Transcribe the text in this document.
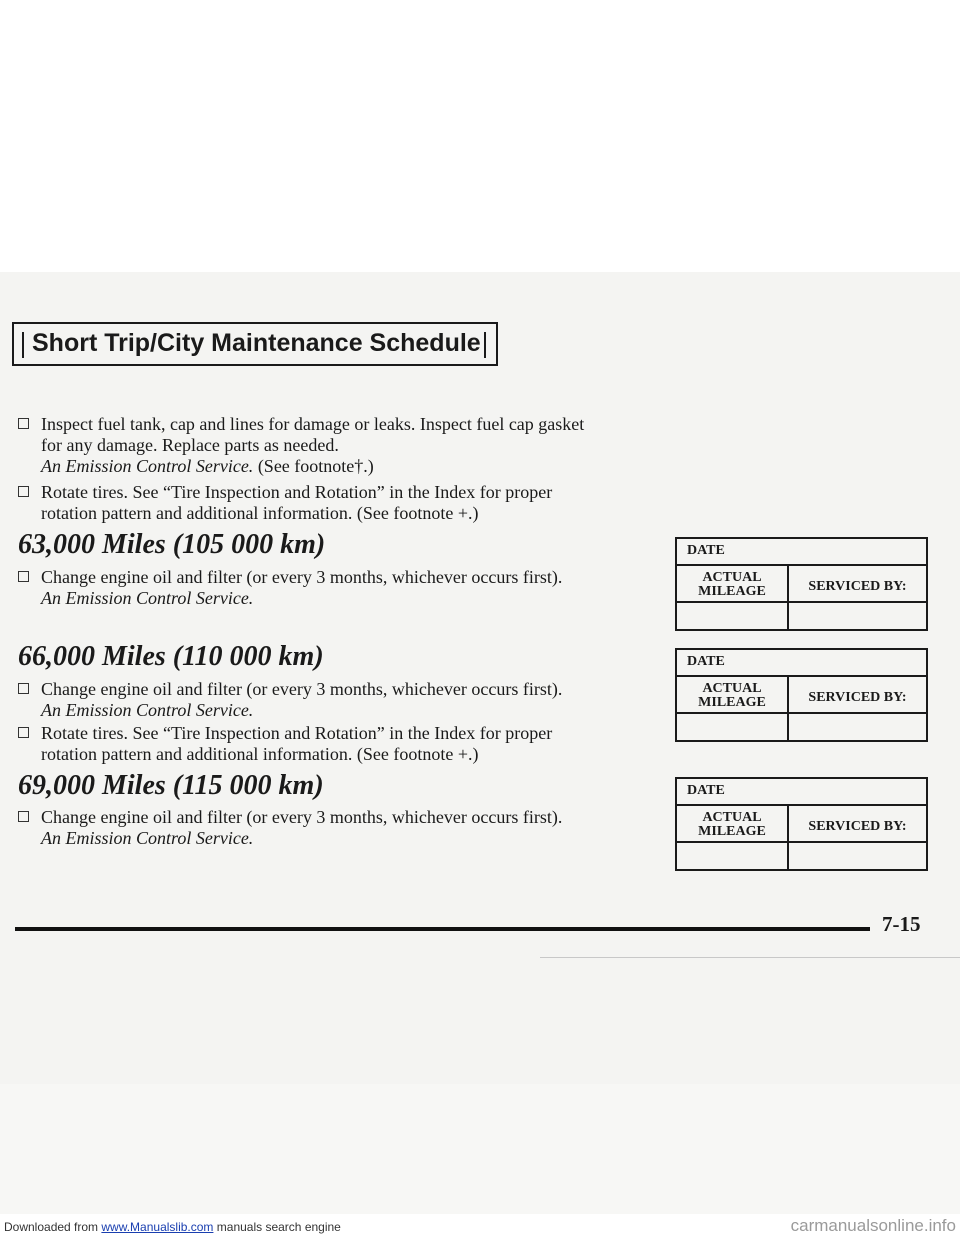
Short Trip/City Maintenance Schedule
Inspect fuel tank, cap and lines for damage or leaks. Inspect fuel cap gasket
for any damage. Replace parts as needed.
An Emission Control Service. (See footnote†.)
Rotate tires. See “Tire Inspection and Rotation” in the Index for proper
rotation pattern and additional information. (See footnote +.)
63,000 Miles (105 000 km)
Change engine oil and filter (or every 3 months, whichever occurs first).
An Emission Control Service.
66,000 Miles (110 000 km)
Change engine oil and filter (or every 3 months, whichever occurs first).
An Emission Control Service.
Rotate tires. See “Tire Inspection and Rotation” in the Index for proper
rotation pattern and additional information. (See footnote +.)
69,000 Miles (115 000 km)
Change engine oil and filter (or every 3 months, whichever occurs first).
An Emission Control Service.
DATE
ACTUAL
MILEAGE	SERVICED BY:
DATE
ACTUAL
MILEAGE	SERVICED BY:
DATE
ACTUAL
MILEAGE	SERVICED BY:
7-15
Downloaded from www.Manualslib.com manuals search engine	carmanualsonline.info
